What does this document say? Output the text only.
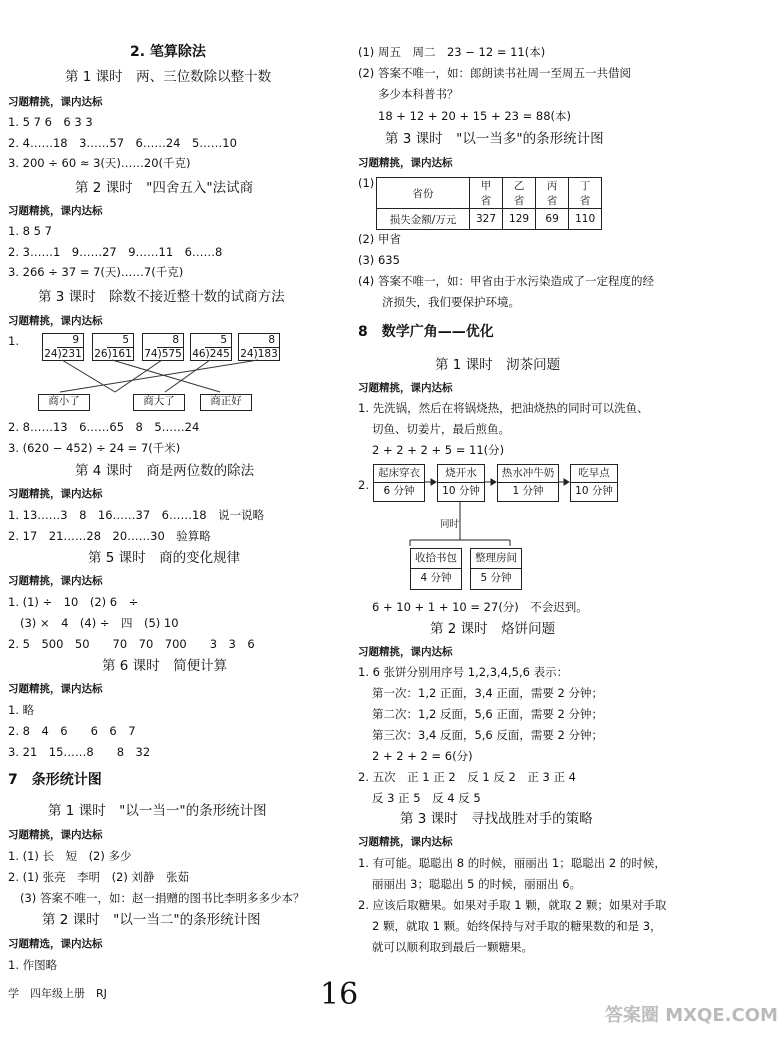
2. 笔算除法
第 1 课时　两、三位数除以整十数
习题精挑，课内达标
1. 5 7 6　6 3 3
2. 4……18　3……57　6……24　5……10
3. 200 ÷ 60 ≈ 3(天)……20(千克)
第 2 课时　"四舍五入"法试商
习题精挑，课内达标
1. 8 5 7
2. 3……1　9……27　9……11　6……8
3. 266 ÷ 37 = 7(天)……7(千克)
第 3 课时　除数不接近整十数的试商方法
习题精挑，课内达标
1.	9
24)231
5
26)161
8
74)575
5
46)245
8
24)183
商小了	商大了	商正好
2. 8……13　6……65　8　5……24
3. (620 − 452) ÷ 24 = 7(千米)
第 4 课时　商是两位数的除法
习题精挑，课内达标
1. 13……3　8　16……37　6……18　说一说略
2. 17　21……28　20……30　验算略
第 5 课时　商的变化规律
习题精挑，课内达标
1. (1) ÷　10　(2) 6　÷
(3) ×　4　(4) ÷　四　(5) 10
2. 5　500　50　　70　70　700　　3　3　6
第 6 课时　简便计算
习题精挑，课内达标
1. 略
2. 8　4　6　　6　6　7
3. 21　15……8　　8　32
7　条形统计图
第 1 课时　"以一当一"的条形统计图
习题精挑，课内达标
1. (1) 长　短　(2) 多少
2. (1) 张亮　李明　(2) 刘静　张茹
(3) 答案不唯一，如：赵一捐赠的图书比李明多多少本？
第 2 课时　"以一当二"的条形统计图
习题精选，课内达标
1. 作图略
学　四年级上册　RJ
(1) 周五　周二　23 − 12 = 11(本)
(2) 答案不唯一，如：郎朗读书社周一至周五一共借阅
多少本科普书？
18 + 12 + 20 + 15 + 23 = 88(本)
第 3 课时　"以一当多"的条形统计图
习题精挑，课内达标
(1)
省份	甲省	乙省	丙省	丁省
损失金额/万元	327	129	69	110
(2) 甲省
(3) 635
(4) 答案不唯一，如：甲省由于水污染造成了一定程度的经
济损失，我们要保护环境。
8　数学广角——优化
第 1 课时　沏茶问题
习题精挑，课内达标
1. 先洗锅，然后在将锅烧热，把油烧热的同时可以洗鱼、
切鱼、切姜片，最后煎鱼。
2 + 2 + 2 + 5 = 11(分)
2.
起床穿衣
6 分钟
烧开水
10 分钟
热水冲牛奶
1 分钟
吃早点
10 分钟
同时
收拾书包
4 分钟
整理房间
5 分钟
6 + 10 + 1 + 10 = 27(分)　不会迟到。
第 2 课时　烙饼问题
习题精挑，课内达标
1. 6 张饼分别用序号 1,2,3,4,5,6 表示：
第一次：1,2 正面，3,4 正面，需要 2 分钟；
第二次：1,2 反面，5,6 正面，需要 2 分钟；
第三次：3,4 反面，5,6 反面，需要 2 分钟；
2 + 2 + 2 = 6(分)
2. 五次　正 1 正 2　反 1 反 2　正 3 正 4
反 3 正 5　反 4 反 5
第 3 课时　寻找战胜对手的策略
习题精挑，课内达标
1. 有可能。聪聪出 8 的时候，丽丽出 1；聪聪出 2 的时候，
丽丽出 3；聪聪出 5 的时候，丽丽出 6。
2. 应该后取糖果。如果对手取 1 颗，就取 2 颗；如果对手取
2 颗，就取 1 颗。始终保持与对手取的糖果数的和是 3，
就可以顺利取到最后一颗糖果。
16
答案圈 MXQE.COM
